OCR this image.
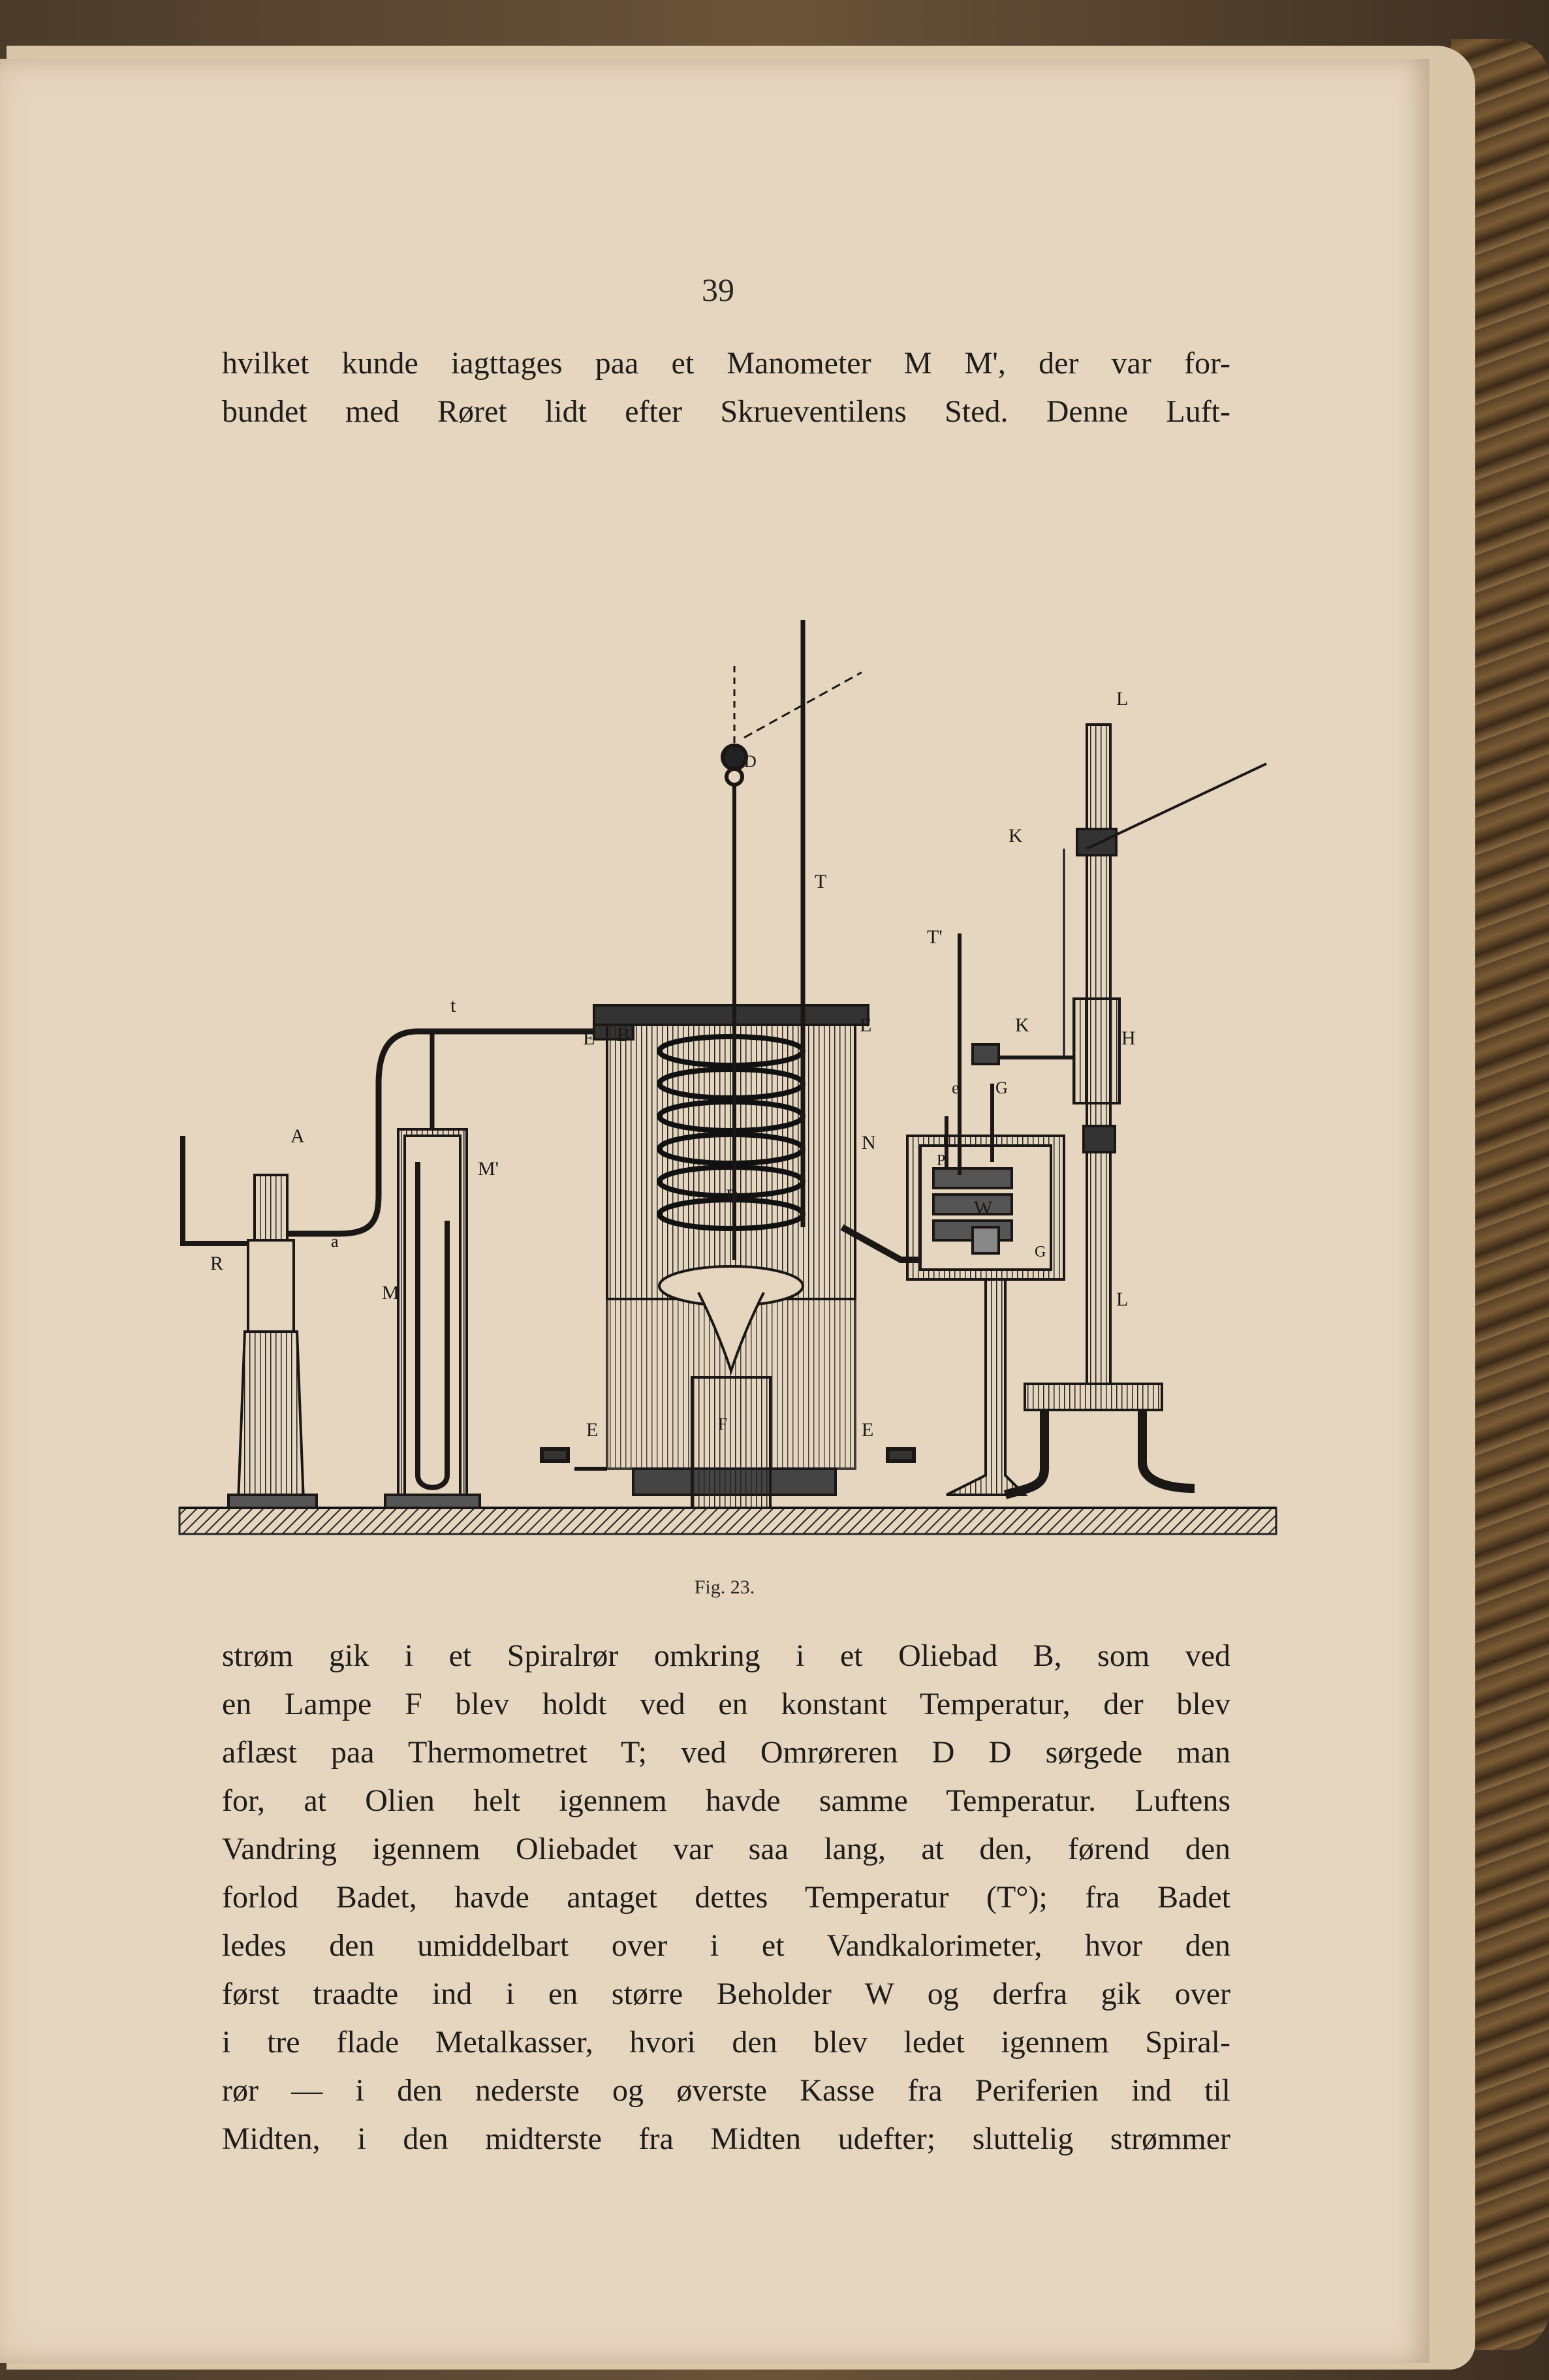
39
hvilket kunde iagttages paa et Manometer M M', der var for-
bundet med Røret lidt efter Skrueventilens Sted. Denne Luft-
A
a
R
M
M'
t
E B	E
D
D
T
T'
F
E	E
N
e
P
W
G
G
K
K
H
L
L
Fig. 23.
strøm gik i et Spiralrør omkring i et Oliebad B, som ved
en Lampe F blev holdt ved en konstant Temperatur, der blev
aflæst paa Thermometret T; ved Omrøreren D D sørgede man
for, at Olien helt igennem havde samme Temperatur. Luftens
Vandring igennem Oliebadet var saa lang, at den, førend den
forlod Badet, havde antaget dettes Temperatur (T°); fra Badet
ledes den umiddelbart over i et Vandkalorimeter, hvor den
først traadte ind i en større Beholder W og derfra gik over
i tre flade Metalkasser, hvori den blev ledet igennem Spiral-
rør — i den nederste og øverste Kasse fra Periferien ind til
Midten, i den midterste fra Midten udefter; sluttelig strømmer
